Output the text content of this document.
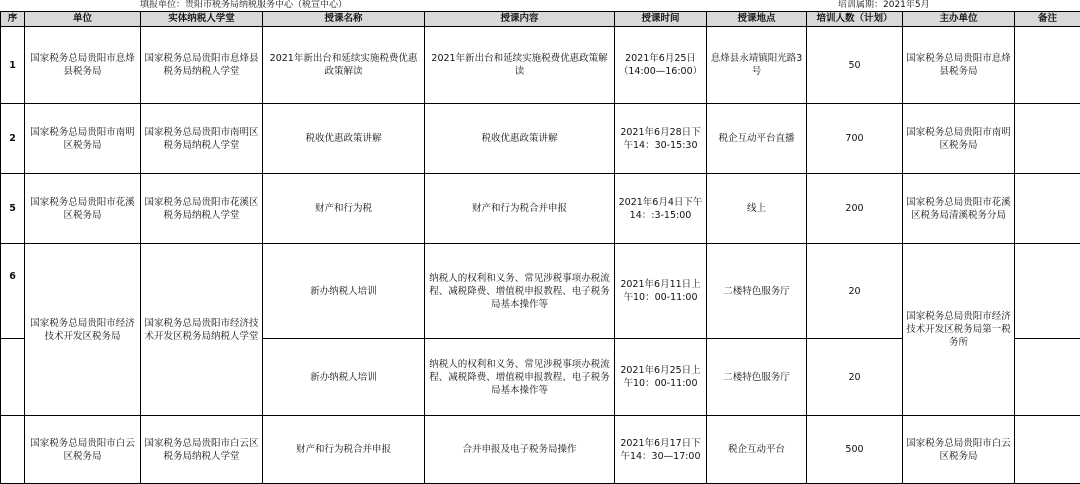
填报单位：贵阳市税务局纳税服务中心（税宣中心）	培训属期：2021年5月
序	单位	实体纳税人学堂	授课名称	授课内容	授课时间	授课地点	培训人数（计划）	主办单位	备注
1	国家税务总局贵阳市息烽县税务局	国家税务总局贵阳市息烽县税务局纳税人学堂	2021年新出台和延续实施税费优惠政策解读	2021年新出台和延续实施税费优惠政策解读	2021年6月25日（14:00—16:00）	息烽县永靖镇阳光路3号	50	国家税务总局贵阳市息烽县税务局	
2	国家税务总局贵阳市南明区税务局	国家税务总局贵阳市南明区税务局纳税人学堂	税收优惠政策讲解	税收优惠政策讲解	2021年6月28日下午14：30-15:30	税企互动平台直播	700	国家税务总局贵阳市南明区税务局	
5	国家税务总局贵阳市花溪区税务局	国家税务总局贵阳市花溪区税务局纳税人学堂	财产和行为税	财产和行为税合并申报	2021年6月4日下午14：:3-15:00	线上	200	国家税务总局贵阳市花溪区税务局清溪税务分局	
6	国家税务总局贵阳市经济技术开发区税务局	国家税务总局贵阳市经济技术开发区税务局纳税人学堂	新办纳税人培训	纳税人的权利和义务、常见涉税事项办税流程、减税降费、增值税申报教程、电子税务局基本操作等	2021年6月11日上午10：00-11:00	二楼特色服务厅	20	国家税务总局贵阳市经济技术开发区税务局第一税务所	
			新办纳税人培训	纳税人的权利和义务、常见涉税事项办税流程、减税降费、增值税申报教程、电子税务局基本操作等	2021年6月25日上午10：00-11:00	二楼特色服务厅	20		
	国家税务总局贵阳市白云区税务局	国家税务总局贵阳市白云区税务局纳税人学堂	财产和行为税合并申报	合并申报及电子税务局操作	2021年6月17日下午14：30—17:00	税企互动平台	500	国家税务总局贵阳市白云区税务局	
